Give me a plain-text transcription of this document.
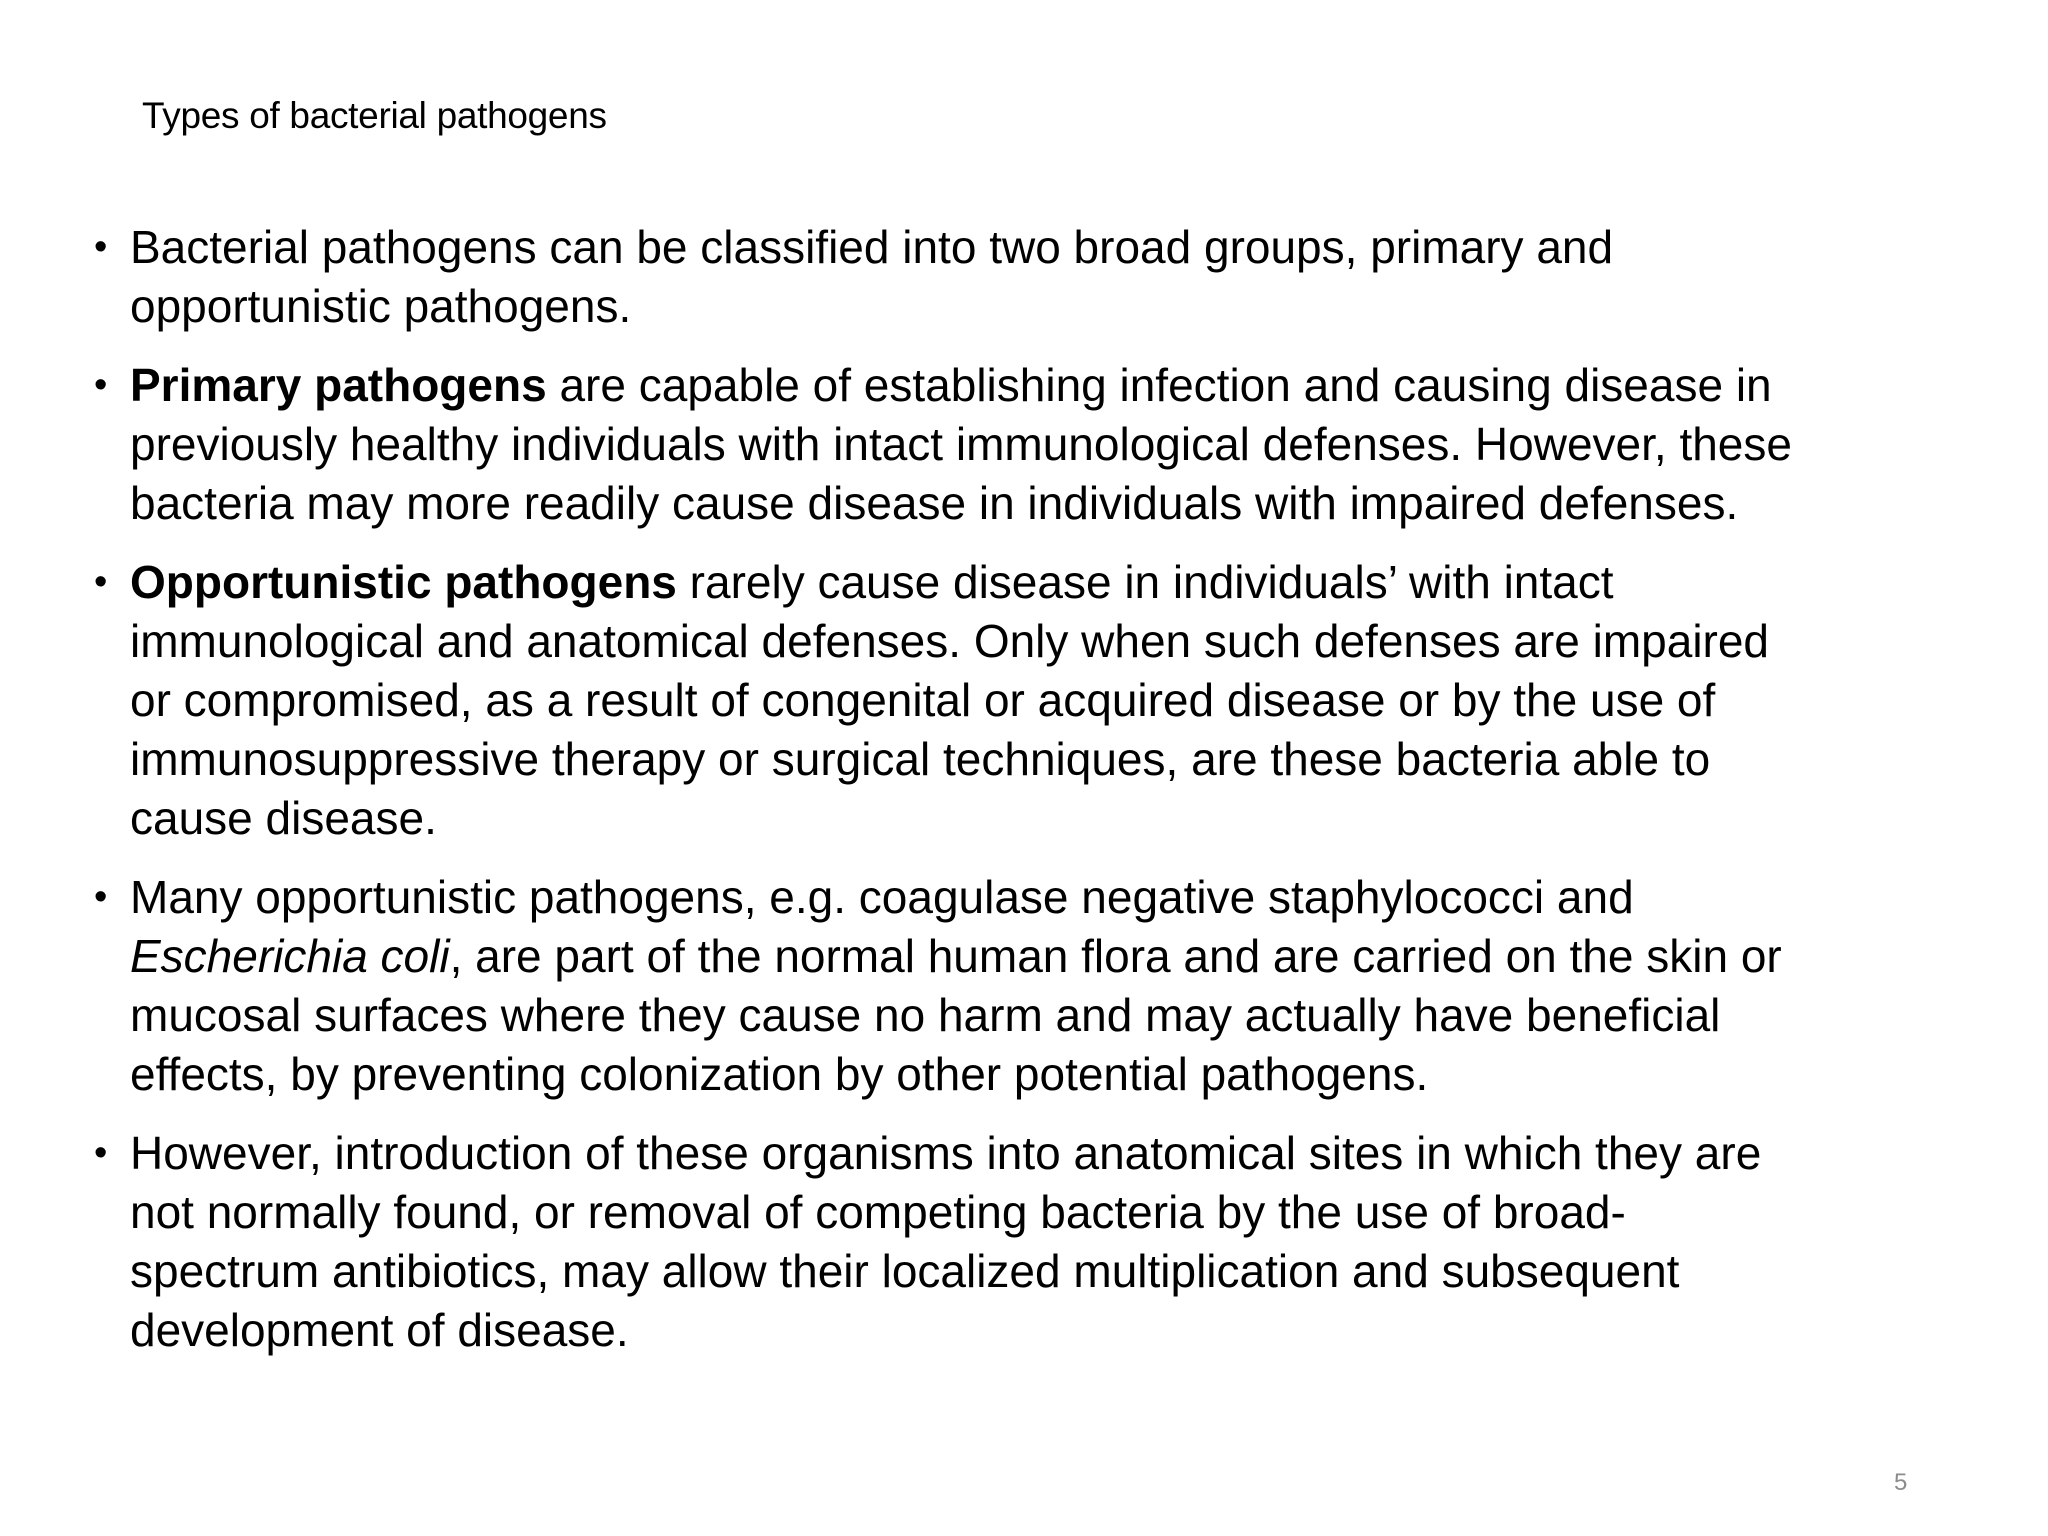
Types of bacterial pathogens
• Bacterial pathogens can be classified into two broad groups, primary and
opportunistic pathogens.
• Primary pathogens are capable of establishing infection and causing disease in
previously healthy individuals with intact immunological defenses. However, these
bacteria may more readily cause disease in individuals with impaired defenses.
• Opportunistic pathogens rarely cause disease in individuals’ with intact
immunological and anatomical defenses. Only when such defenses are impaired
or compromised, as a result of congenital or acquired disease or by the use of
immunosuppressive therapy or surgical techniques, are these bacteria able to
cause disease.
• Many opportunistic pathogens, e.g. coagulase negative staphylococci and
Escherichia coli, are part of the normal human flora and are carried on the skin or
mucosal surfaces where they cause no harm and may actually have beneficial
effects, by preventing colonization by other potential pathogens.
• However, introduction of these organisms into anatomical sites in which they are
not normally found, or removal of competing bacteria by the use of broad-
spectrum antibiotics, may allow their localized multiplication and subsequent
development of disease.
5
